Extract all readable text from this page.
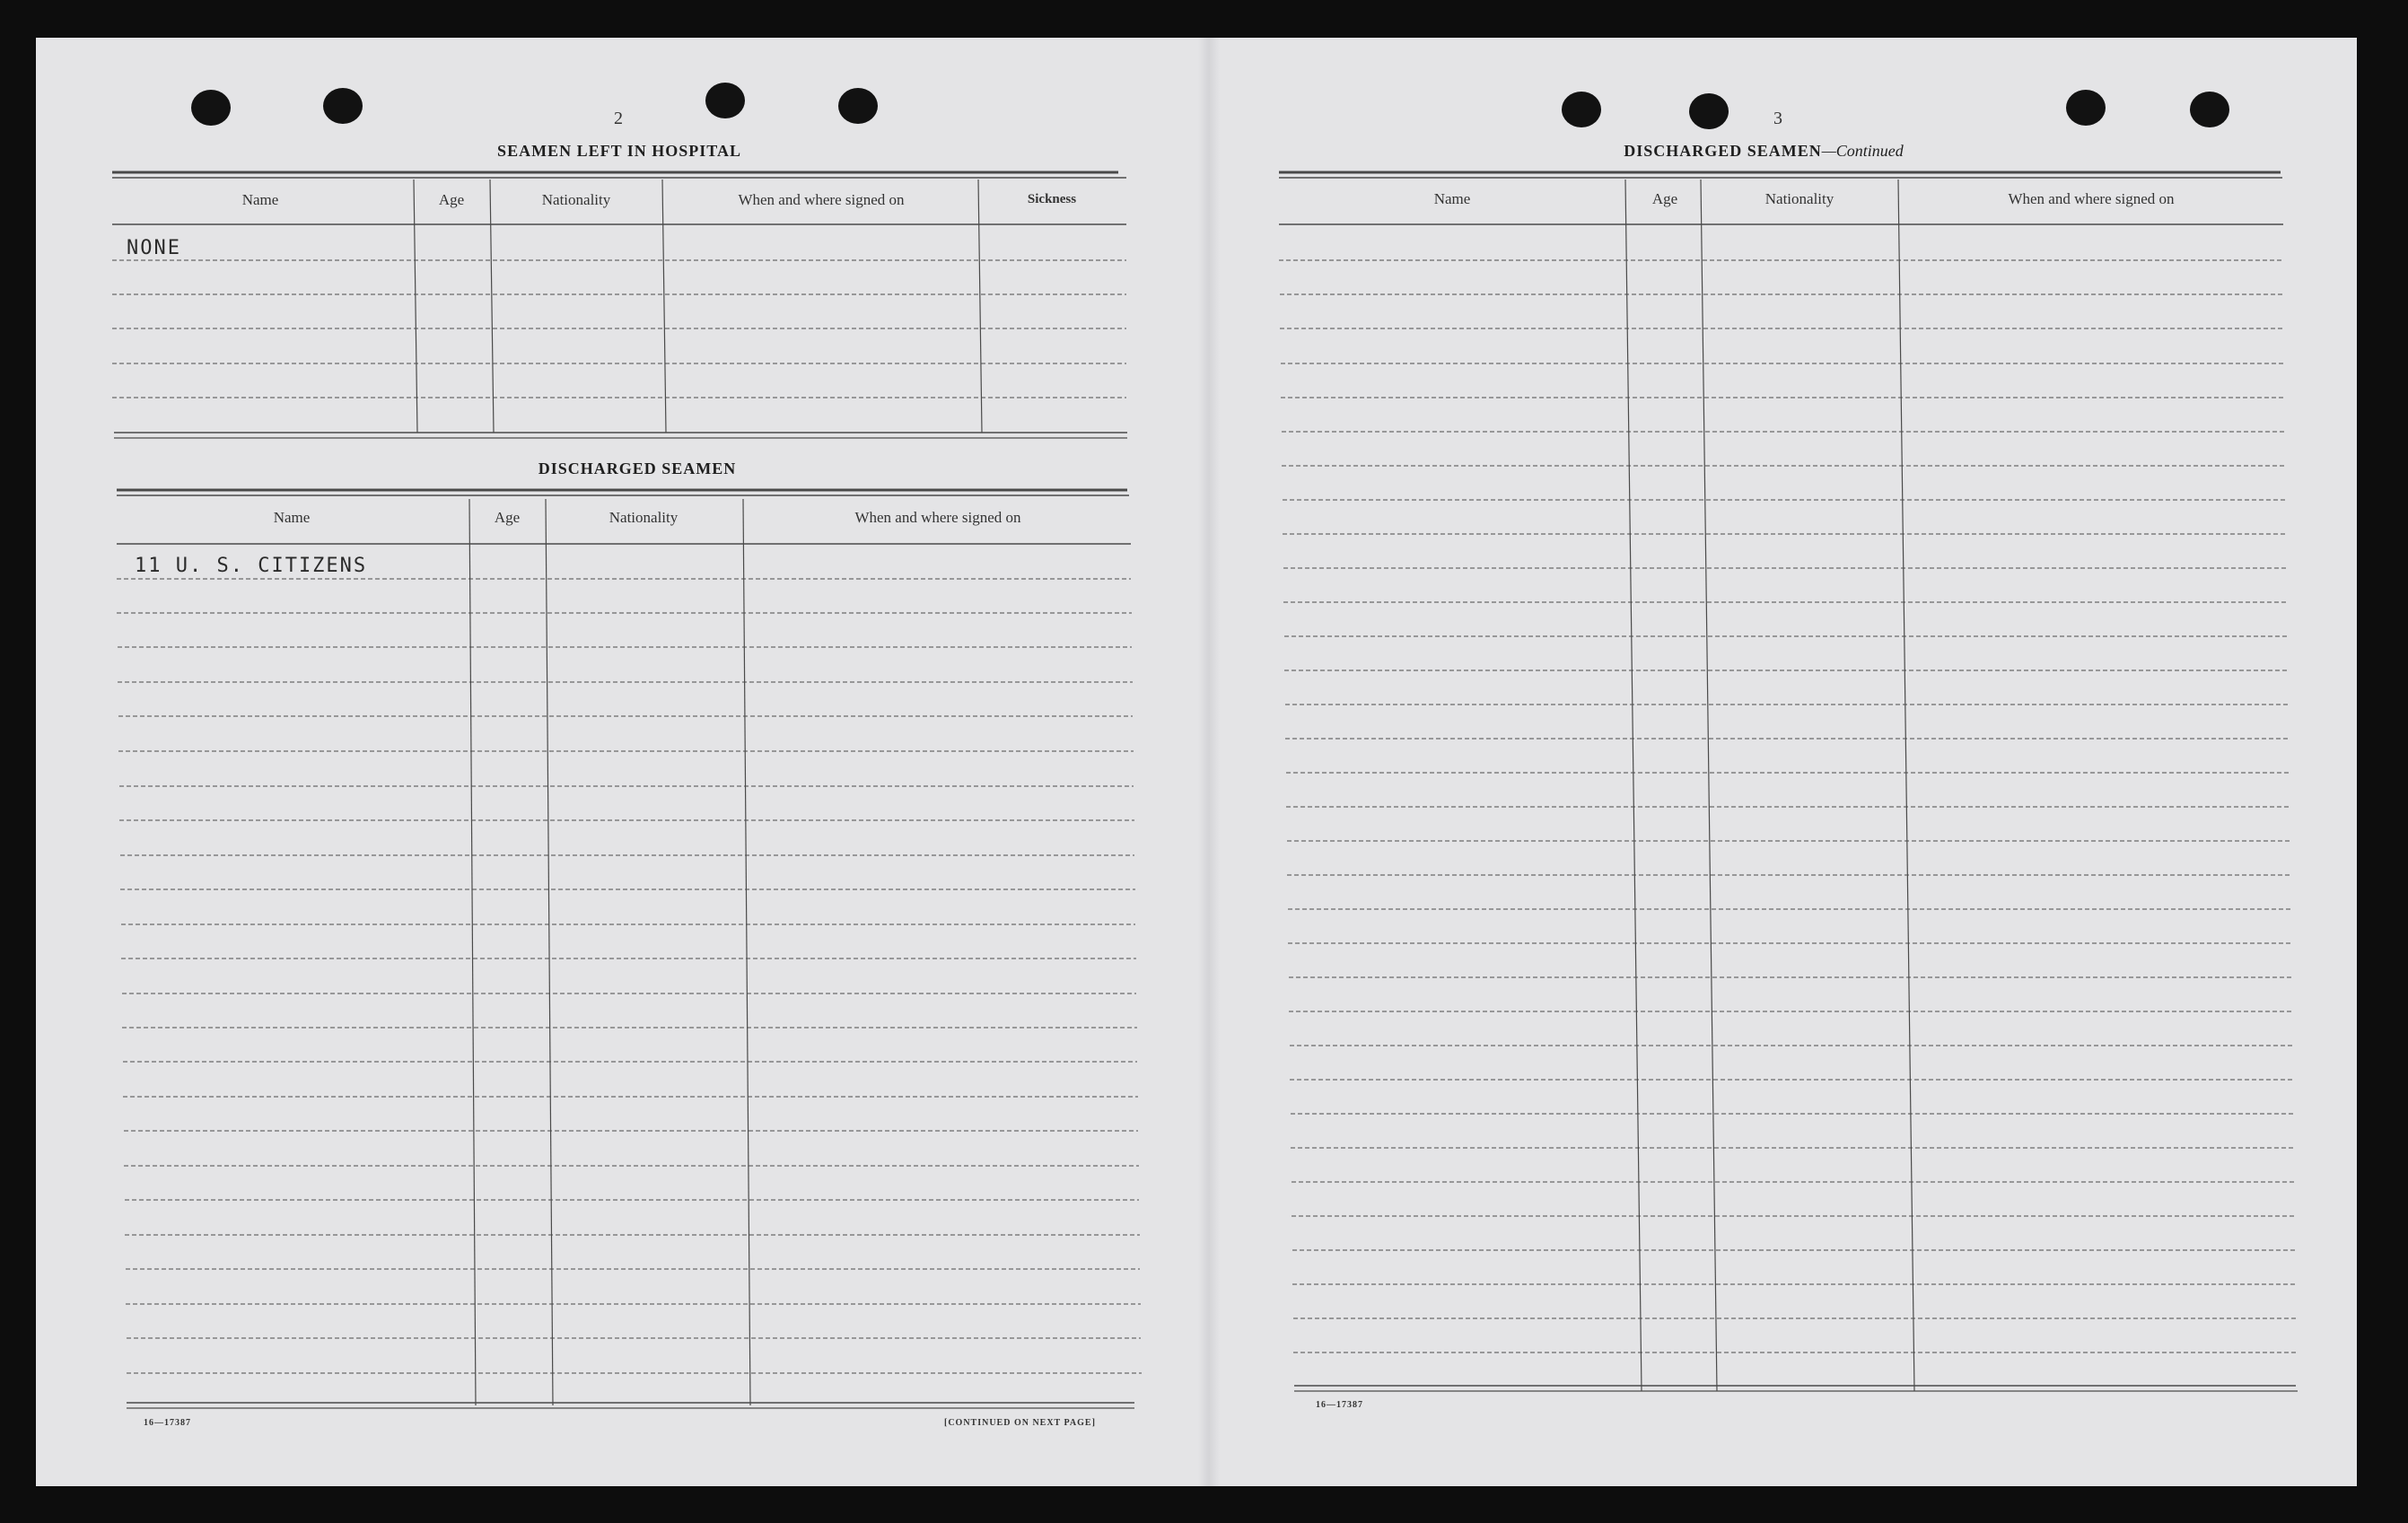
2
SEAMEN LEFT IN HOSPITAL
Name	Age	Nationality	When and where signed on	Sickness
NONE
DISCHARGED SEAMEN
Name	Age	Nationality	When and where signed on
11 U. S. CITIZENS
16—17387	[CONTINUED ON NEXT PAGE]
3
DISCHARGED SEAMEN—Continued
Name	Age	Nationality	When and where signed on
16—17387
